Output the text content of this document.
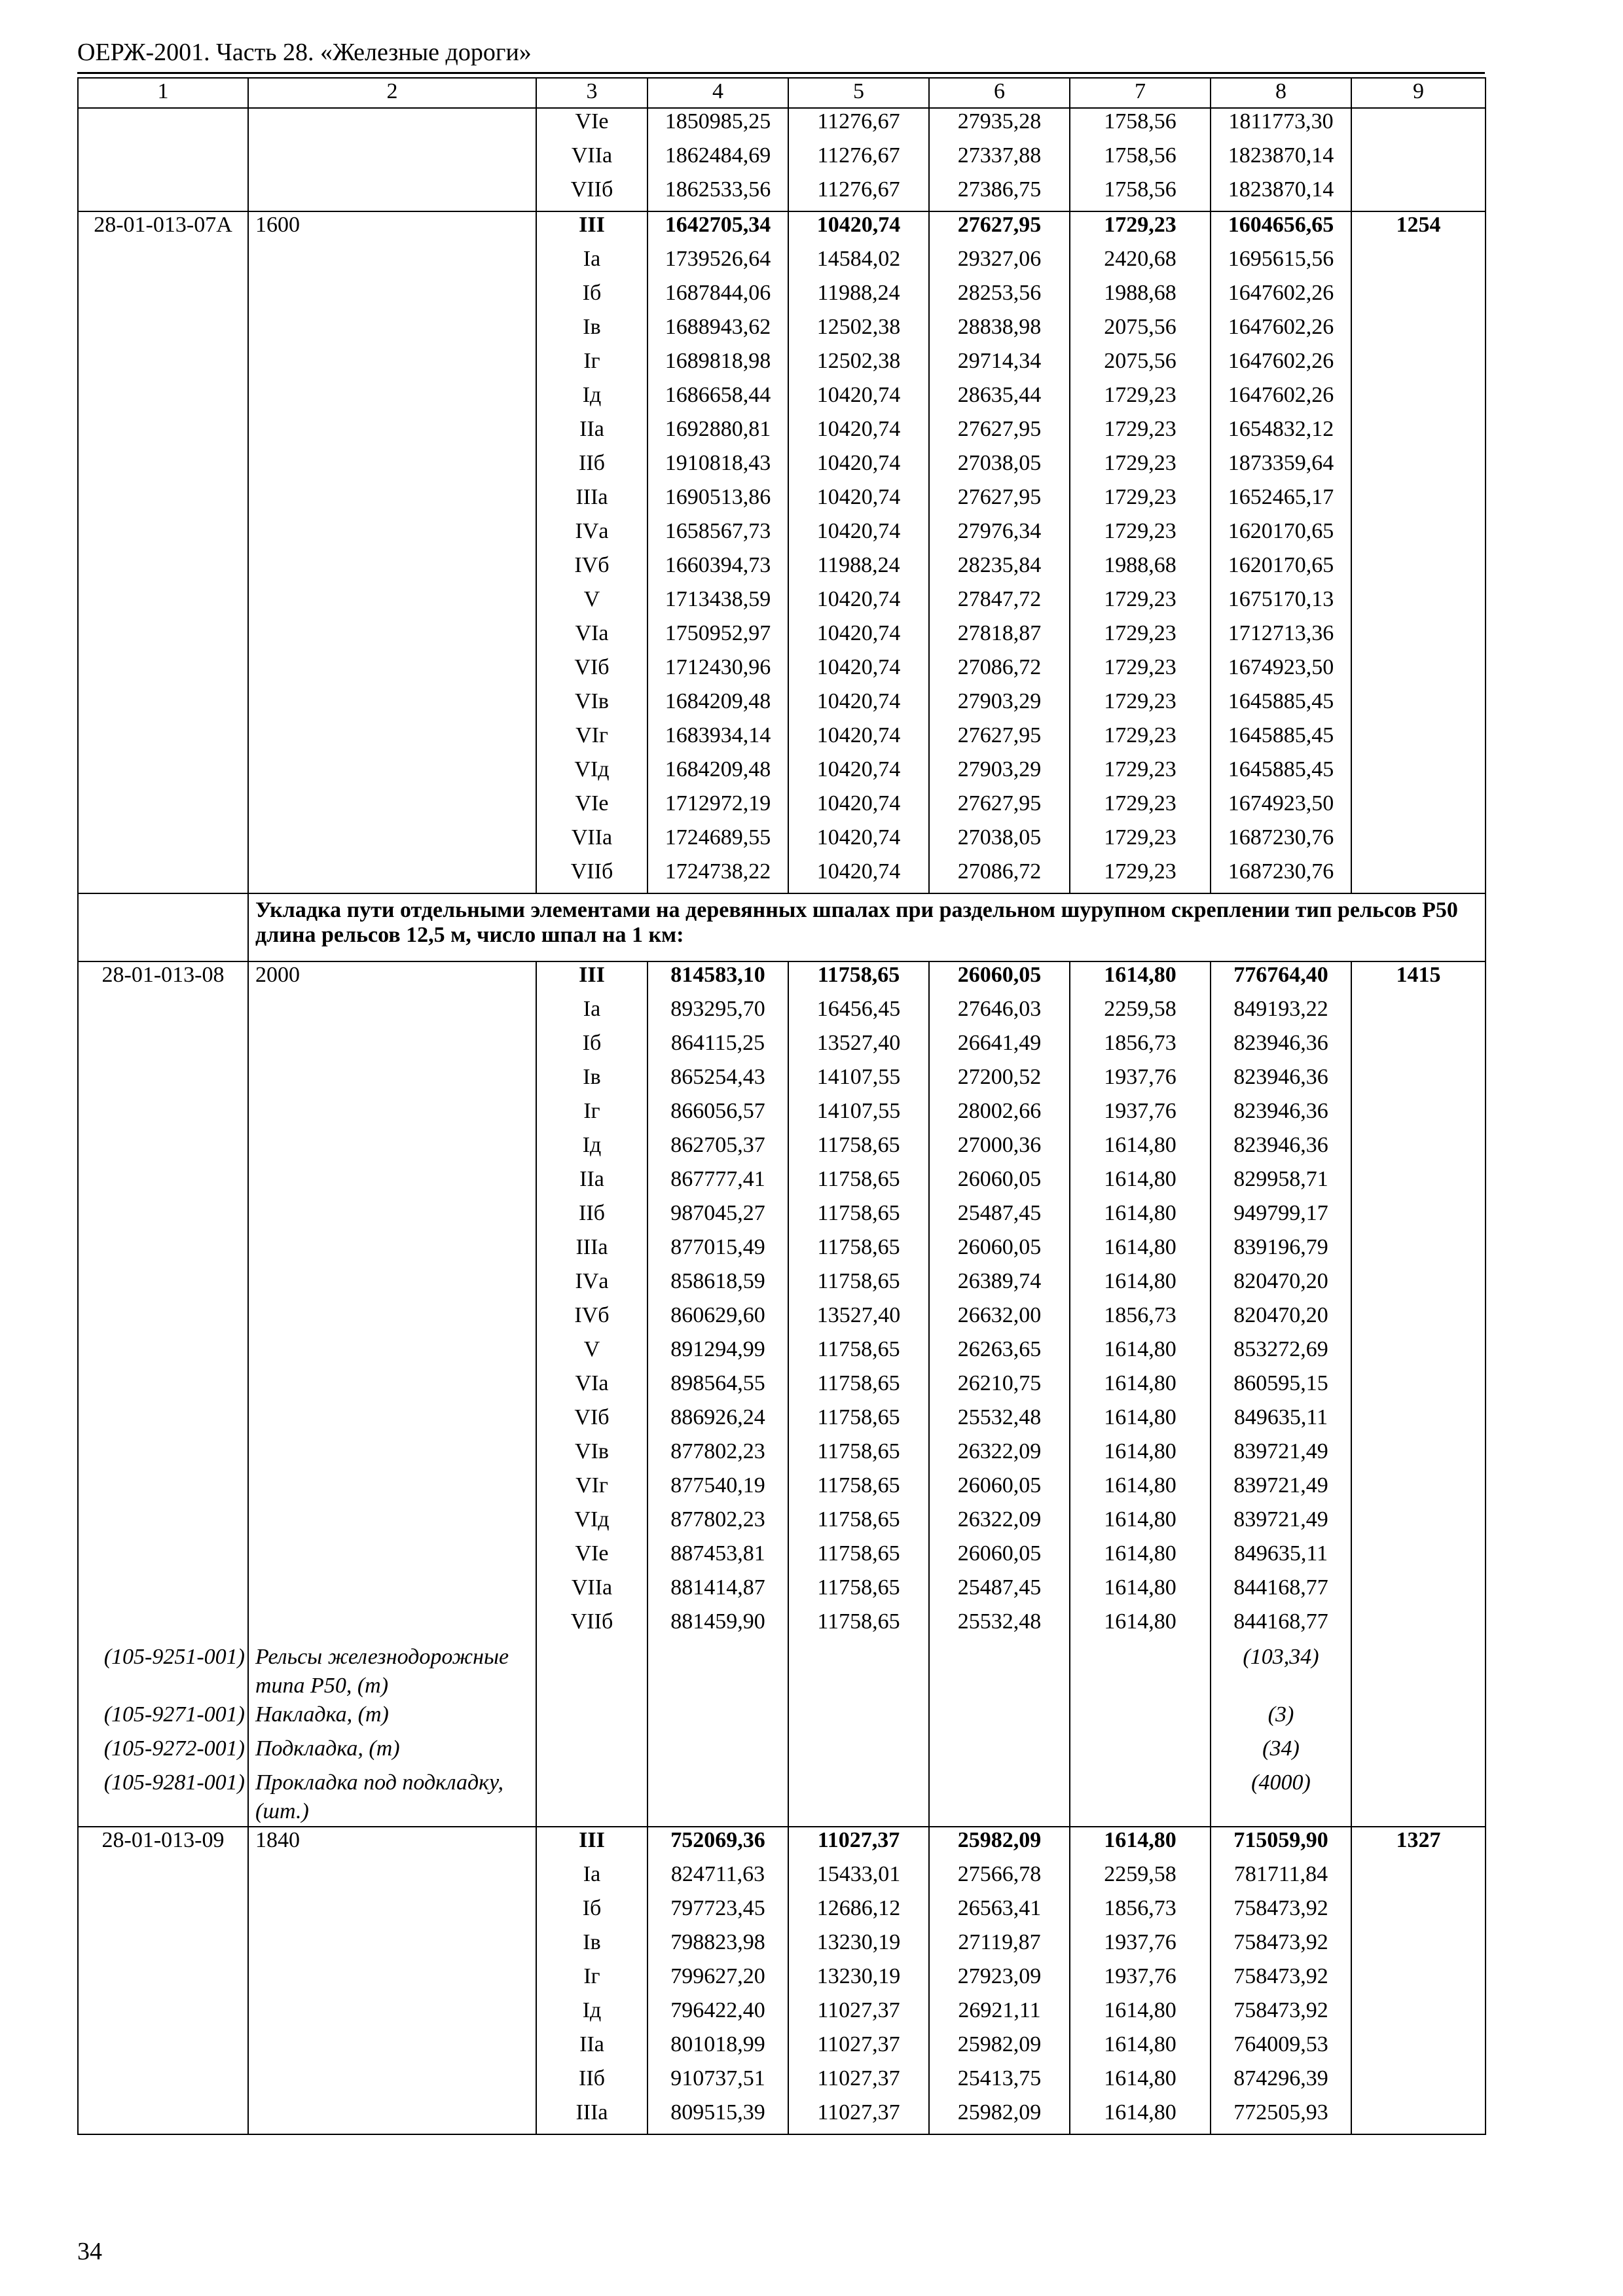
ОЕРЖ-2001. Часть 28. «Железные дороги»
1	2	3	4	5	6	7	8	9
		VIе	1850985,25	11276,67	27935,28	1758,56	1811773,30	
		VIIа	1862484,69	11276,67	27337,88	1758,56	1823870,14	
		VIIб	1862533,56	11276,67	27386,75	1758,56	1823870,14	
28-01-013-07А	1600	III	1642705,34	10420,74	27627,95	1729,23	1604656,65	1254
		Iа	1739526,64	14584,02	29327,06	2420,68	1695615,56	
		Iб	1687844,06	11988,24	28253,56	1988,68	1647602,26	
		Iв	1688943,62	12502,38	28838,98	2075,56	1647602,26	
		Iг	1689818,98	12502,38	29714,34	2075,56	1647602,26	
		Iд	1686658,44	10420,74	28635,44	1729,23	1647602,26	
		IIа	1692880,81	10420,74	27627,95	1729,23	1654832,12	
		IIб	1910818,43	10420,74	27038,05	1729,23	1873359,64	
		IIIа	1690513,86	10420,74	27627,95	1729,23	1652465,17	
		IVа	1658567,73	10420,74	27976,34	1729,23	1620170,65	
		IVб	1660394,73	11988,24	28235,84	1988,68	1620170,65	
		V	1713438,59	10420,74	27847,72	1729,23	1675170,13	
		VIа	1750952,97	10420,74	27818,87	1729,23	1712713,36	
		VIб	1712430,96	10420,74	27086,72	1729,23	1674923,50	
		VIв	1684209,48	10420,74	27903,29	1729,23	1645885,45	
		VIг	1683934,14	10420,74	27627,95	1729,23	1645885,45	
		VIд	1684209,48	10420,74	27903,29	1729,23	1645885,45	
		VIе	1712972,19	10420,74	27627,95	1729,23	1674923,50	
		VIIа	1724689,55	10420,74	27038,05	1729,23	1687230,76	
		VIIб	1724738,22	10420,74	27086,72	1729,23	1687230,76	
	Укладка пути отдельными элементами на деревянных шпалах при раздельном шурупном скреплении тип рельсов Р50 длина рельсов 12,5 м, число шпал на 1 км:							
28-01-013-08	2000	III	814583,10	11758,65	26060,05	1614,80	776764,40	1415
		Iа	893295,70	16456,45	27646,03	2259,58	849193,22	
		Iб	864115,25	13527,40	26641,49	1856,73	823946,36	
		Iв	865254,43	14107,55	27200,52	1937,76	823946,36	
		Iг	866056,57	14107,55	28002,66	1937,76	823946,36	
		Iд	862705,37	11758,65	27000,36	1614,80	823946,36	
		IIа	867777,41	11758,65	26060,05	1614,80	829958,71	
		IIб	987045,27	11758,65	25487,45	1614,80	949799,17	
		IIIа	877015,49	11758,65	26060,05	1614,80	839196,79	
		IVа	858618,59	11758,65	26389,74	1614,80	820470,20	
		IVб	860629,60	13527,40	26632,00	1856,73	820470,20	
		V	891294,99	11758,65	26263,65	1614,80	853272,69	
		VIа	898564,55	11758,65	26210,75	1614,80	860595,15	
		VIб	886926,24	11758,65	25532,48	1614,80	849635,11	
		VIв	877802,23	11758,65	26322,09	1614,80	839721,49	
		VIг	877540,19	11758,65	26060,05	1614,80	839721,49	
		VIд	877802,23	11758,65	26322,09	1614,80	839721,49	
		VIе	887453,81	11758,65	26060,05	1614,80	849635,11	
		VIIа	881414,87	11758,65	25487,45	1614,80	844168,77	
		VIIб	881459,90	11758,65	25532,48	1614,80	844168,77	
(105-9251-001)	Рельсы железнодорожные типа Р50, (т)						(103,34)	
(105-9271-001)	Накладка, (т)						(3)	
(105-9272-001)	Подкладка, (т)						(34)	
(105-9281-001)	Прокладка под подкладку, (шт.)						(4000)	
28-01-013-09	1840	III	752069,36	11027,37	25982,09	1614,80	715059,90	1327
		Iа	824711,63	15433,01	27566,78	2259,58	781711,84	
		Iб	797723,45	12686,12	26563,41	1856,73	758473,92	
		Iв	798823,98	13230,19	27119,87	1937,76	758473,92	
		Iг	799627,20	13230,19	27923,09	1937,76	758473,92	
		Iд	796422,40	11027,37	26921,11	1614,80	758473,92	
		IIа	801018,99	11027,37	25982,09	1614,80	764009,53	
		IIб	910737,51	11027,37	25413,75	1614,80	874296,39	
		IIIа	809515,39	11027,37	25982,09	1614,80	772505,93	
34
